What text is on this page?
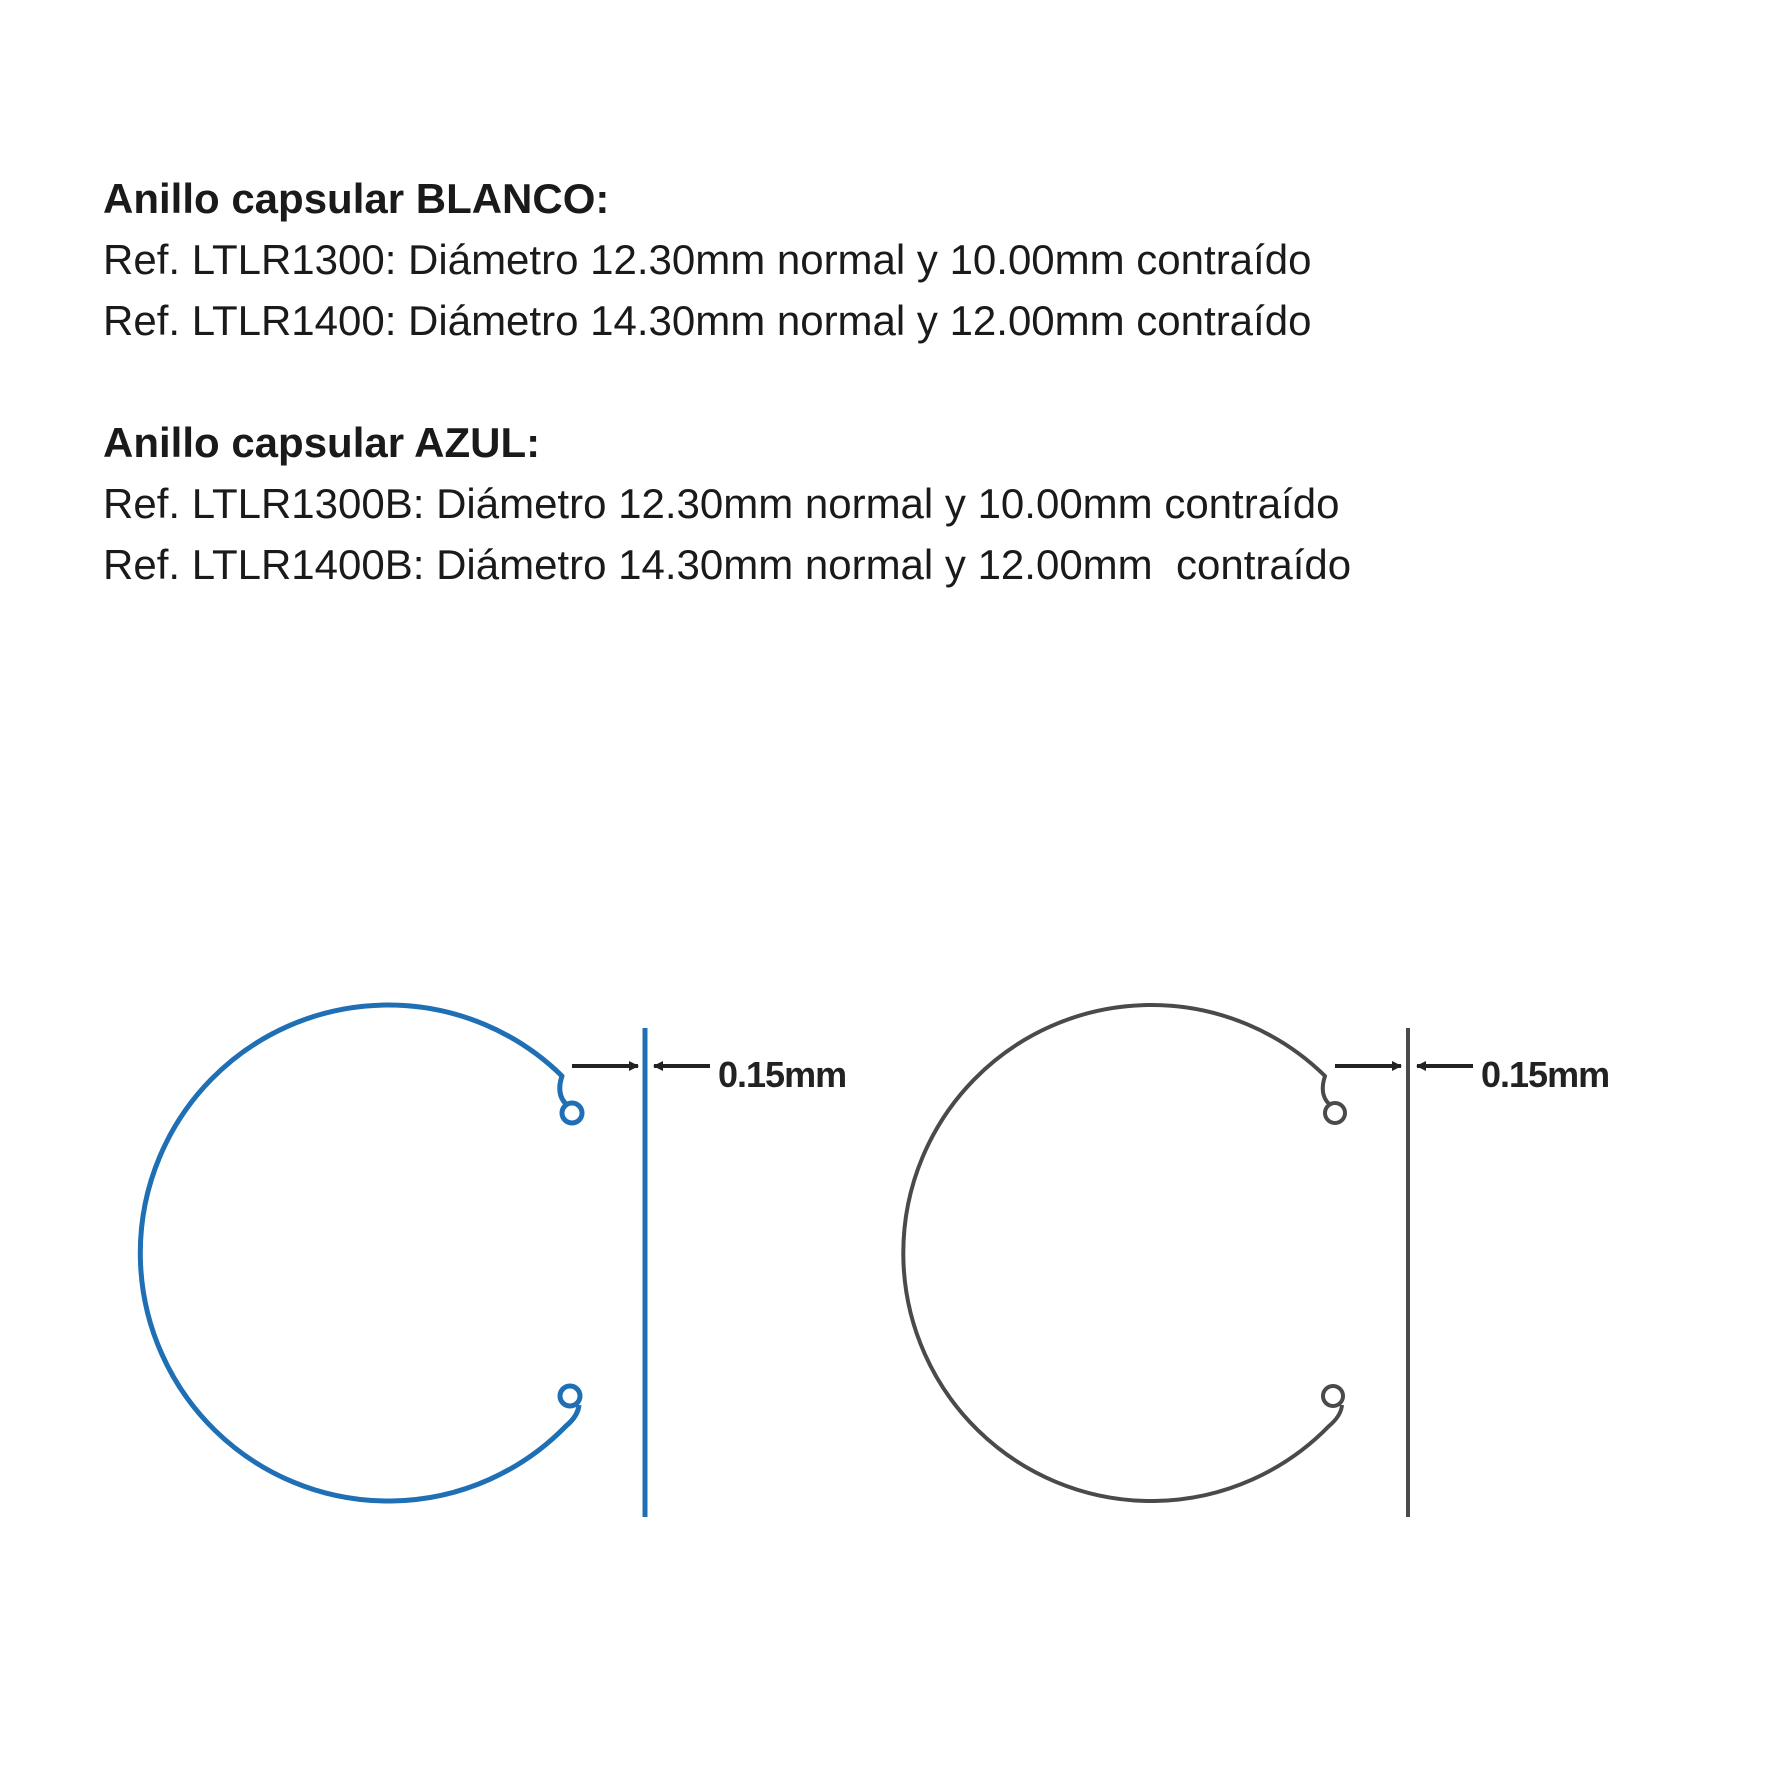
Anillo capsular BLANCO:
Ref. LTLR1300: Diámetro 12.30mm normal y 10.00mm contraído
Ref. LTLR1400: Diámetro 14.30mm normal y 12.00mm contraído
Anillo capsular AZUL:
Ref. LTLR1300B: Diámetro 12.30mm normal y 10.00mm contraído
Ref. LTLR1400B: Diámetro 14.30mm normal y 12.00mm  contraído
0.15mm	0.15mm
